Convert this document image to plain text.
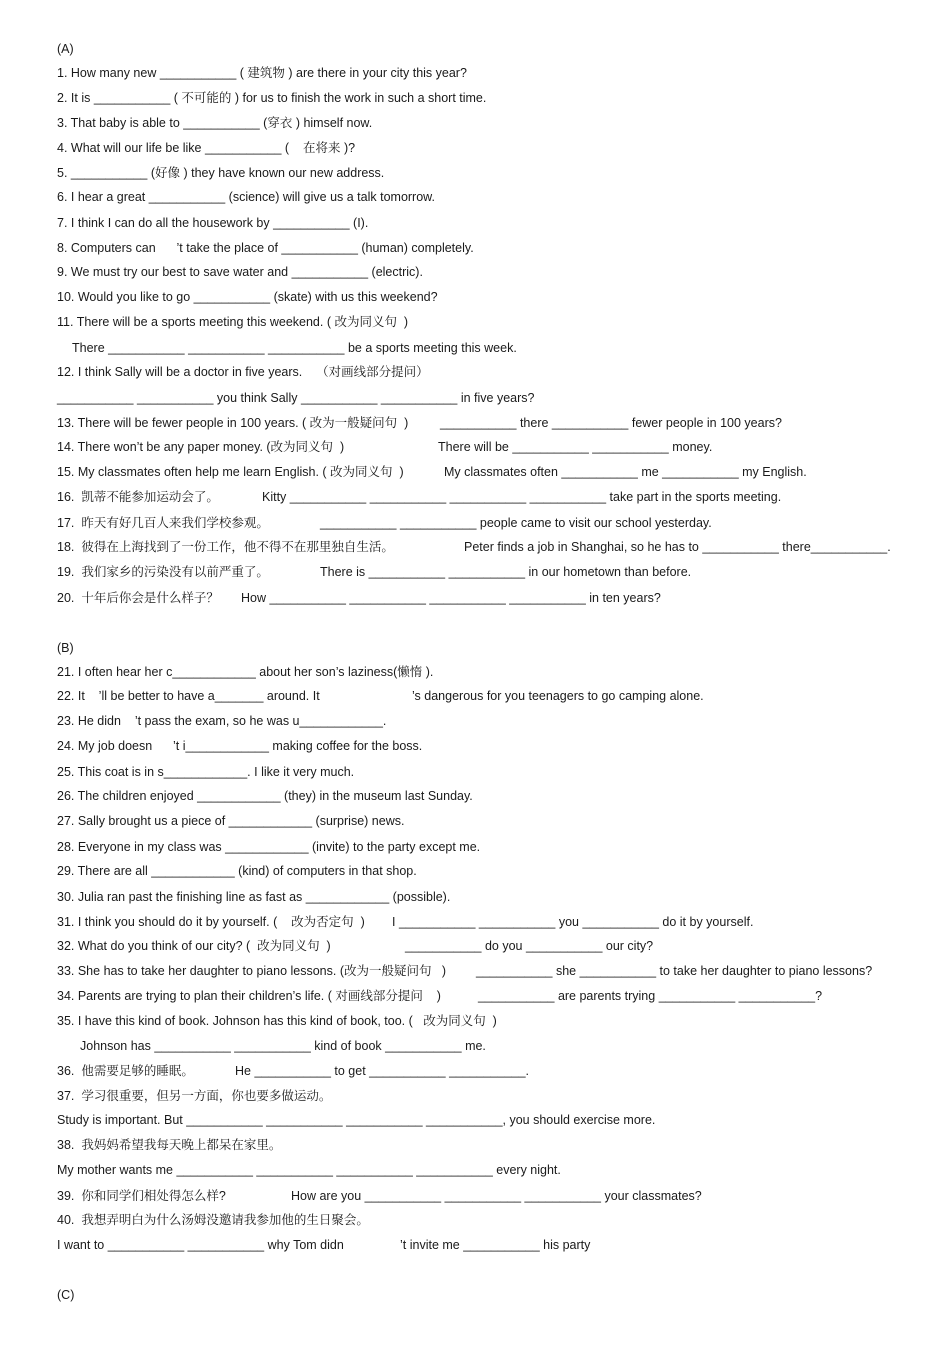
(A)
1. How many new ___________ ( 建筑物 ) are there in your city this year?
2. It is ___________ ( 不可能的 ) for us to finish the work in such a short time.
3. That baby is able to ___________ (穿衣 ) himself now.
4. What will our life be like ___________ (    在将来 )?
5. ___________ (好像 ) they have known our new address.
6. I hear a great ___________ (science) will give us a talk tomorrow.
7. I think I can do all the housework by ___________ (I).
8. Computers can      ’t take the place of ___________ (human) completely.
9. We must try our best to save water and ___________ (electric).
10. Would you like to go ___________ (skate) with us this weekend?
11. There will be a sports meeting this weekend. ( 改为同义句  )
There ___________ ___________ ___________ be a sports meeting this week.
12. I think Sally will be a doctor in five years.    （对画线部分提问）
___________ ___________ you think Sally ___________ ___________ in five years?
13. There will be fewer people in 100 years. ( 改为一般疑问句  )	___________ there ___________ fewer people in 100 years?
14. There won’t be any paper money. (改为同义句  )	There will be ___________ ___________ money.
15. My classmates often help me learn English. ( 改为同义句  )	My classmates often ___________ me ___________ my English.
16.  凯蒂不能参加运动会了。	Kitty ___________ ___________ ___________ ___________ take part in the sports meeting.
17.  昨天有好几百人来我们学校参观。	___________ ___________ people came to visit our school yesterday.
18.  彼得在上海找到了一份工作，他不得不在那里独自生活。	Peter finds a job in Shanghai, so he has to ___________ there___________.
19.  我们家乡的污染没有以前严重了。	There is ___________ ___________ in our hometown than before.
20.  十年后你会是什么样子？ How ___________ ___________ ___________ ___________ in ten years?
(B)
21. I often hear her c____________ about her son’s laziness(懒惰 ).
22. It    ’ll be better to have a_______ around. It	’s dangerous for you teenagers to go camping alone.
23. He didn    ’t pass the exam, so he was u____________.
24. My job doesn      ’t i____________ making coffee for the boss.
25. This coat is in s____________. I like it very much.
26. The children enjoyed ____________ (they) in the museum last Sunday.
27. Sally brought us a piece of ____________ (surprise) news.
28. Everyone in my class was ____________ (invite) to the party except me.
29. There are all ____________ (kind) of computers in that shop.
30. Julia ran past the finishing line as fast as ____________ (possible).
31. I think you should do it by yourself. (    改为否定句  ) I ___________ ___________ you ___________ do it by yourself.
32. What do you think of our city? (  改为同义句  )	___________ do you ___________ our city?
33. She has to take her daughter to piano lessons. (改为一般疑问句   ) ___________ she ___________ to take her daughter to piano lessons?
34. Parents are trying to plan their children’s life. ( 对画线部分提问    )	___________ are parents trying ___________ ___________?
35. I have this kind of book. Johnson has this kind of book, too. (   改为同义句  )
Johnson has ___________ ___________ kind of book ___________ me.
36.  他需要足够的睡眠。	He ___________ to get ___________ ___________.
37.  学习很重要，但另一方面，你也要多做运动。
Study is important. But ___________ ___________ ___________ ___________, you should exercise more.
38.  我妈妈希望我每天晚上都呆在家里。
My mother wants me ___________ ___________ ___________ ___________ every night.
39.  你和同学们相处得怎么样?	How are you ___________ ___________ ___________ your classmates?
40.  我想弄明白为什么汤姆没邀请我参加他的生日聚会。
I want to ___________ ___________ why Tom didn	’t invite me ___________ his party
(C)
